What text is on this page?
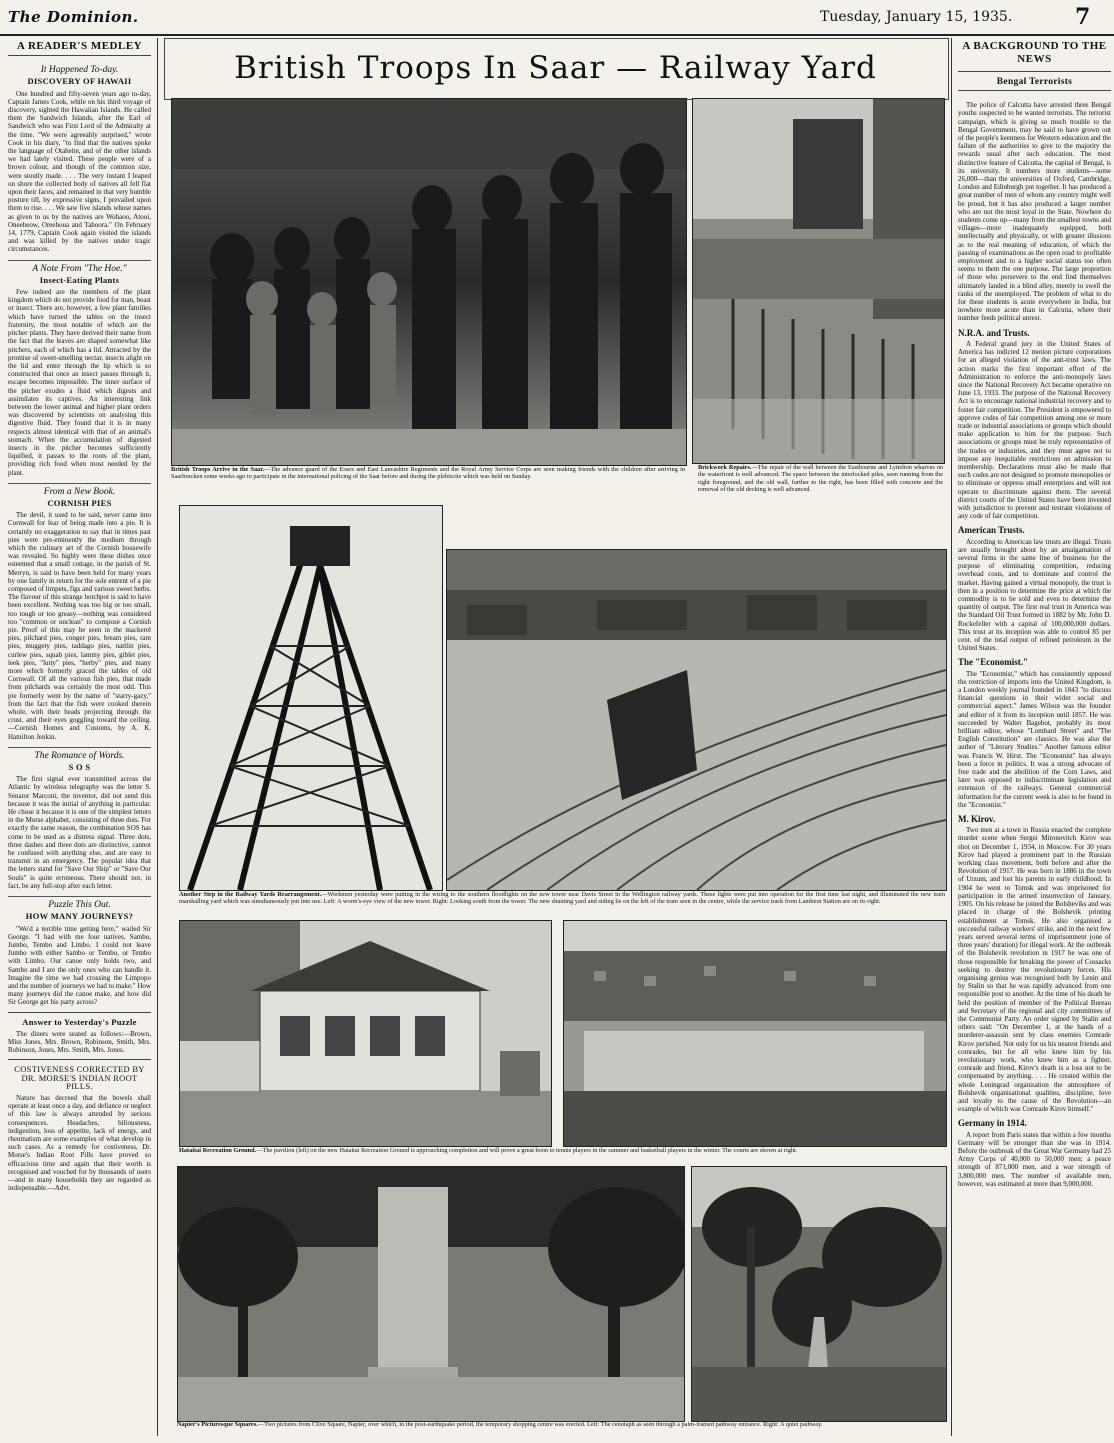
The Dominion.	Tuesday, January 15, 1935.	7
A READER'S MEDLEY
It Happened To-day.
DISCOVERY OF HAWAII

One hundred and fifty-seven years ago to-day, Captain James Cook, while on his third voyage of discovery, sighted the Hawaiian Islands. He called them the Sandwich Islands, after the Earl of Sandwich who was First Lord of the Admiralty at the time. "We were agreeably surprised," wrote Cook in his diary, "to find that the natives spoke the language of Otaheite, and of the other islands we had lately visited. These people were of a brown colour, and though of the common size, were stoutly made. . . . The very instant I leaped on shore the collected body of natives all fell flat upon their faces, and remained in that very humble posture till, by expressive signs, I prevailed upon them to rise. . . . We saw five islands whose names as given to us by the natives are Wohaoo, Atooi, Oneeheow, Oreehoua and Tahoora." On February 14, 1779, Captain Cook again visited the islands and was killed by the natives under tragic circumstances.

A Note From "The Hoe."
Insect-Eating Plants

Few indeed are the members of the plant kingdom which do not provide food for man, beast or insect. There are, however, a few plant families which have turned the tables on the insect fraternity, the most notable of which are the pitcher plants. They have derived their name from the fact that the leaves are shaped somewhat like pitchers, each of which has a lid. Attracted by the promise of sweet-smelling nectar, insects alight on the lid and enter through the lip which is so constructed that once an insect passes through it, escape becomes impossible. The inner surface of the pitcher exudes a fluid which digests and assimilates its captives. An interesting link between the lower animal and higher plant orders was discovered by scientists on analysing this digestive fluid. They found that it is in many respects almost identical with that of an animal's stomach. When the accumulation of digested insects in the pitcher becomes sufficiently liquified, it passes to the roots of the plant, providing rich food when most needed by the plant.

From a New Book.
CORNISH PIES

The devil, it used to be said, never came into Cornwall for fear of being made into a pie. It is certainly no exaggeration to say that in times past pies were pre-eminently the medium through which the culinary art of the Cornish housewife was revealed. So highly were these dishes once esteemed that a small cottage, in the parish of St. Merryn, is said to have been held for many years by one family in return for the sole entrent of a pie composed of limpets, figs and various sweet herbs. The flavour of this strange hotchpot is said to have been excellent. Nothing was too big or too small, too tough or too greasy—nothing was considered too "common or unclean" to compose a Cornish pie. Proof of this may be seen in the mackerel pies, pilchard pies, conger pies, bream pies, ram pies, muggety pies, taddago pies, nattlin pies, curlew pies, squab pies, lammy pies, giblet pies, leek pies, "lutty" pies, "herby" pies, and many more which formerly graced the tables of old Cornwall. Of all the various fish pies, that made from pilchards was certainly the most odd. This pie formerly went by the name of "starry-gazy," from the fact that the fish were cooked therein whole, with their heads projecting through the crust, and their eyes goggling toward the ceiling.—Cornish Homes and Customs, by A. K. Hamilton Jenkin.

The Romance of Words.
S O S

The first signal ever transmitted across the Atlantic by wireless telegraphy was the letter S. Senator Marconi, the inventor, did not send this because it was the initial of anything in particular. He chose it because it is one of the simplest letters in the Morse alphabet, consisting of three dots. For exactly the same reason, the combination SOS has come to be used as a distress signal. Three dots, three dashes and three dots are distinctive, cannot be confused with anything else, and are easy to transmit in an emergency. The popular idea that the letters stand for "Save Our Ship" or "Save Our Souls" is quite erroneous. There should not, in fact, be any full-stop after each letter.

Puzzle This Out.
HOW MANY JOURNEYS?

"We'd a terrible time getting here," wailed Sir George. "I had with me four natives, Sambo, Jumbo, Tembo and Limbo. I could not leave Jumbo with either Sambo or Tembo, or Tembo with Limbo. Our canoe only holds two, and Sambo and I are the only ones who can handle it. Imagine the time we had crossing the Limpopo and the number of journeys we had to make." How many journeys did the canoe make, and how did Sir George get his party across?

Answer to Yesterday's Puzzle

The diners were seated as follows:—Brown, Miss Jones, Mrs. Brown, Robinson, Smith, Mrs. Robinson, Jones, Mrs. Smith, Mrs. Jones.

COSTIVENESS CORRECTED BY DR. MORSE'S INDIAN ROOT PILLS.

Nature has decreed that the bowels shall operate at least once a day, and defiance or neglect of this law is always attended by serious consequences. Headaches, biliousness, indigestion, loss of appetite, lack of energy, and rheumatism are some examples of what develop in such cases. As a remedy for costiveness, Dr. Morse's Indian Root Pills have proved so efficacious time and again that their worth is recognised and vouched for by thousands of users—and in many households they are regarded as indispensable.—Advt.

A BACKGROUND TO THE NEWS
Bengal Terrorists

The police of Calcutta have arrested three Bengal youths suspected to be wanted terrorists. The terrorist campaign, which is giving so much trouble to the Bengal Government, may be said to have grown out of the people's keenness for Western education and the failure of the authorities to give to the majority the rewards usual after such education. The most distinctive feature of Calcutta, the capital of Bengal, is its university. It numbers more students—some 26,000—than the universities of Oxford, Cambridge, London and Edinburgh put together. It has produced a great number of men of whom any country might well be proud, but it has also produced a larger number who are not the most loyal in the State. Nowhere do students come up—many from the smallest towns and villages—more inadequately equipped, both intellectually and physically, or with greater illusions as to the real meaning of education, of which the passing of examinations as the open road to profitable employment and to a higher social status too often seems to them the one purpose. The large proportion of those who persevere to the end find themselves ultimately landed in a blind alley, merely to swell the ranks of the unemployed. The problem of what to do for these students is acute everywhere in India, but nowhere more acute than in Calcutta, where their number feeds political unrest.

N.R.A. and Trusts.

A Federal grand jury in the United States of America has indicted 12 motion picture corporations for an alleged violation of the anti-trust laws. The action marks the first important effort of the Administration to enforce the anti-monopoly laws since the National Recovery Act became operative on June 13, 1933. The purpose of the National Recovery Act is to encourage national industrial recovery and to foster fair competition. The President is empowered to approve codes of fair competition among one or more trade or industrial associations or groups which should make application to him for the purpose. Such associations or groups must be truly representative of the trades or industries, and they must agree not to impose any inequitable restrictions on admission to membership. Declarations must also be made that such codes are not designed to promote monopolies or to eliminate or oppress small enterprises and will not operate to discriminate against them. The several district courts of the United States have been invested with jurisdiction to prevent and restrain violations of any code of fair competition.

American Trusts.

According to American law trusts are illegal. Trusts are usually brought about by an amalgamation of several firms in the same line of business for the purpose of eliminating competition, reducing overhead costs, and to dominate and control the market. Having gained a virtual monopoly, the trust is then in a position to determine the price at which the commodity is to be sold and even to determine the quantity of output. The first real trust in America was the Standard Oil Trust formed in 1882 by Mr. John D. Rockefeller with a capital of 100,000,000 dollars. This trust at its inception was able to control 85 per cent. of the total output of refined petroleum in the United States.

The "Economist."

The "Economist," which has consistently opposed the restriction of imports into the United Kingdom, is a London weekly journal founded in 1843 "to discuss financial questions in their wider social and commercial aspect." James Wilson was the founder and editor of it from its inception until 1857. He was succeeded by Walter Bagehot, probably its most brilliant editor, whose "Lombard Street" and "The English Constitution" are classics. He was also the author of "Literary Studies." Another famous editor was Francis W. Hirst. The "Economist" has always been a force in politics. It was a strong advocate of free trade and the abolition of the Corn Laws, and later was opposed to indiscriminate legislation and extension of the railways. General commercial information for the current week is also to be found in the "Economist."

M. Kirov.

Two men at a town in Russia enacted the complete murder scene when Sergei Mironovitch Kirov was shot on December 1, 1934, in Moscow. For 30 years Kirov had played a prominent part in the Russian working class movement, both before and after the Revolution of 1917. He was born in 1886 in the town of Urzum, and lost his parents in early childhood. In 1904 he went to Tomsk and was imprisoned for participation in the armed insurrection of January, 1905. On his release he joined the Bolsheviks and was placed in charge of the Bolshevik printing establishment at Tomsk. He also organised a successful railway workers' strike, and in the next few years served several terms of imprisonment (one of three years' duration) for illegal work. At the outbreak of the Bolshevik revolution in 1917 he was one of those responsible for breaking the power of Cossacks seeking to destroy the revolutionary forces. His organising genius was recognised both by Lenin and by Stalin so that he was rapidly advanced from one responsible post to another. At the time of his death he held the position of member of the Political Bureau and Secretary of the regional and city committees of the Communist Party. An order signed by Stalin and others said: "On December 1, at the hands of a murderer-assassin sent by class enemies Comrade Kirov perished. Not only for us his nearest friends and comrades, but for all who knew him by his revolutionary work, who knew him as a fighter, comrade and friend, Kirov's death is a loss not to be compensated by anything. . . . He created within the whole Leningrad organisation the atmosphere of Bolshevik organisational qualities, discipline, love and loyalty to the cause of the Revolution—an example of which was Comrade Kirov himself."

Germany in 1914.

A report from Paris states that within a few months Germany will be stronger than she was in 1914. Before the outbreak of the Great War Germany had 25 Army Corps of 40,000 to 50,000 men; a peace strength of 871,000 men, and a war strength of 3,800,000 men. The number of available men, however, was estimated at more than 9,000,000.

British Troops In Saar — Railway Yard
British Troops Arrive in the Saar.—The advance guard of the Essex and East Lancashire Regiments and the Royal Army Service Corps are seen making friends with the children after arriving in Saarbrucken some weeks ago to participate in the international policing of the Saar before and during the plebiscite which was held on Sunday.
Brickwork Repairs.—The repair of the wall between the Eastbourne and Lyttelton wharves on the waterfront is well advanced. The space between the interlocked piles, seen running from the right foreground, and the old wall, further to the right, has been filled with concrete and the removal of the old decking is well advanced.
Another Step in the Railway Yards Rearrangement.—Workmen yesterday were putting in the wiring to the southern floodlights on the new tower near Davis Street in the Wellington railway yards. These lights were put into operation for the first time last night, and illuminated the new train marshalling yard which was simultaneously put into use. Left: A worm's-eye view of the new tower. Right: Looking south from the tower. The new shunting yard and siding lie on the left of the train seen in the centre, while the service track from Lambton Station are on its right.
Hataitai Recreation Ground.—The pavilion (left) on the new Hataitai Recreation Ground is approaching completion and will prove a great boon to tennis players in the summer and basketball players in the winter. The courts are shown at right.
Napier's Picturesque Squares.—Two pictures from Clive Square, Napier, over which, in the post-earthquake period, the temporary shopping centre was erected. Left: The cenotaph as seen through a palm-framed pathway entrance. Right: A quiet pathway.
